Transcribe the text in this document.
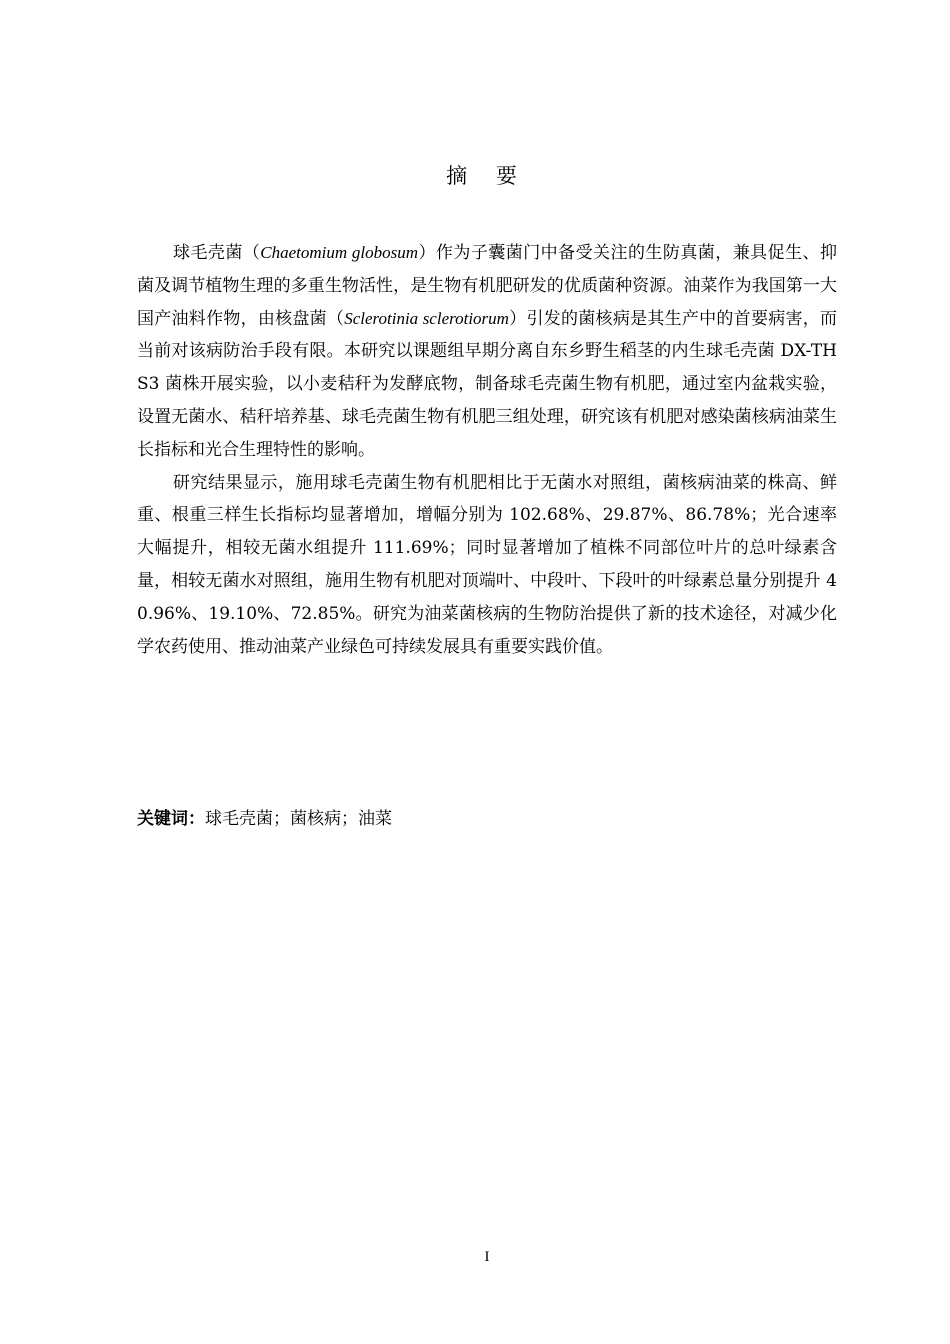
摘 要

球毛壳菌（Chaetomium globosum）作为子囊菌门中备受关注的生防真菌，兼具促生、抑菌及调节植物生理的多重生物活性，是生物有机肥研发的优质菌种资源。油菜作为我国第一大国产油料作物，由核盘菌（Sclerotinia sclerotiorum）引发的菌核病是其生产中的首要病害，而当前对该病防治手段有限。本研究以课题组早期分离自东乡野生稻茎的内生球毛壳菌 DX-THS3 菌株开展实验，以小麦秸秆为发酵底物，制备球毛壳菌生物有机肥，通过室内盆栽实验，设置无菌水、秸秆培养基、球毛壳菌生物有机肥三组处理，研究该有机肥对感染菌核病油菜生长指标和光合生理特性的影响。

研究结果显示，施用球毛壳菌生物有机肥相比于无菌水对照组，菌核病油菜的株高、鲜重、根重三样生长指标均显著增加，增幅分别为 102.68%、29.87%、86.78%；光合速率大幅提升，相较无菌水组提升 111.69%；同时显著增加了植株不同部位叶片的总叶绿素含量，相较无菌水对照组，施用生物有机肥对顶端叶、中段叶、下段叶的叶绿素总量分别提升 40.96%、19.10%、72.85%。研究为油菜菌核病的生物防治提供了新的技术途径，对减少化学农药使用、推动油菜产业绿色可持续发展具有重要实践价值。

关键词：球毛壳菌；菌核病；油菜
I
